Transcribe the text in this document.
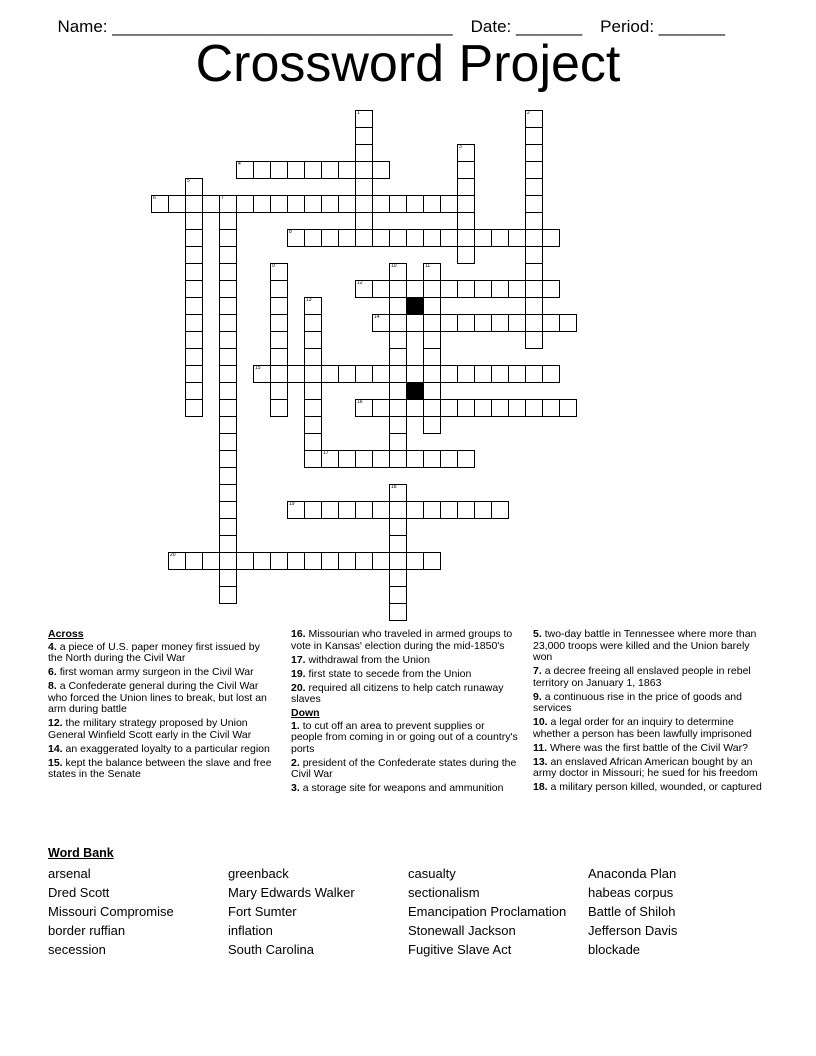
Name: ____________________________________ Date: _______ Period: _______

Crossword Project
1	2
3
4
5
6	7
8
9	10	11
12
13
14
15
16
17
18
19
20
Across
4. a piece of U.S. paper money first issued by the North during the Civil War
6. first woman army surgeon in the Civil War
8. a Confederate general during the Civil War who forced the Union lines to break, but lost an arm during battle
12. the military strategy proposed by Union General Winfield Scott early in the Civil War
14. an exaggerated loyalty to a particular region
15. kept the balance between the slave and free states in the Senate
16. Missourian who traveled in armed groups to vote in Kansas' election during the mid-1850's
17. withdrawal from the Union
19. first state to secede from the Union
20. required all citizens to help catch runaway slaves
Down
1. to cut off an area to prevent supplies or people from coming in or going out of a country's ports
2. president of the Confederate states during the Civil War
3. a storage site for weapons and ammunition
5. two-day battle in Tennessee where more than 23,000 troops were killed and the Union barely won
7. a decree freeing all enslaved people in rebel territory on January 1, 1863
9. a continuous rise in the price of goods and services
10. a legal order for an inquiry to determine whether a person has been lawfully imprisoned
11. Where was the first battle of the Civil War?
13. an enslaved African American bought by an army doctor in Missouri; he sued for his freedom
18. a military person killed, wounded, or captured
Word Bank
arsenal	greenback	casualty	Anaconda Plan
Dred Scott	Mary Edwards Walker	sectionalism	habeas corpus
Missouri Compromise	Fort Sumter	Emancipation Proclamation	Battle of Shiloh
border ruffian	inflation	Stonewall Jackson	Jefferson Davis
secession	South Carolina	Fugitive Slave Act	blockade
